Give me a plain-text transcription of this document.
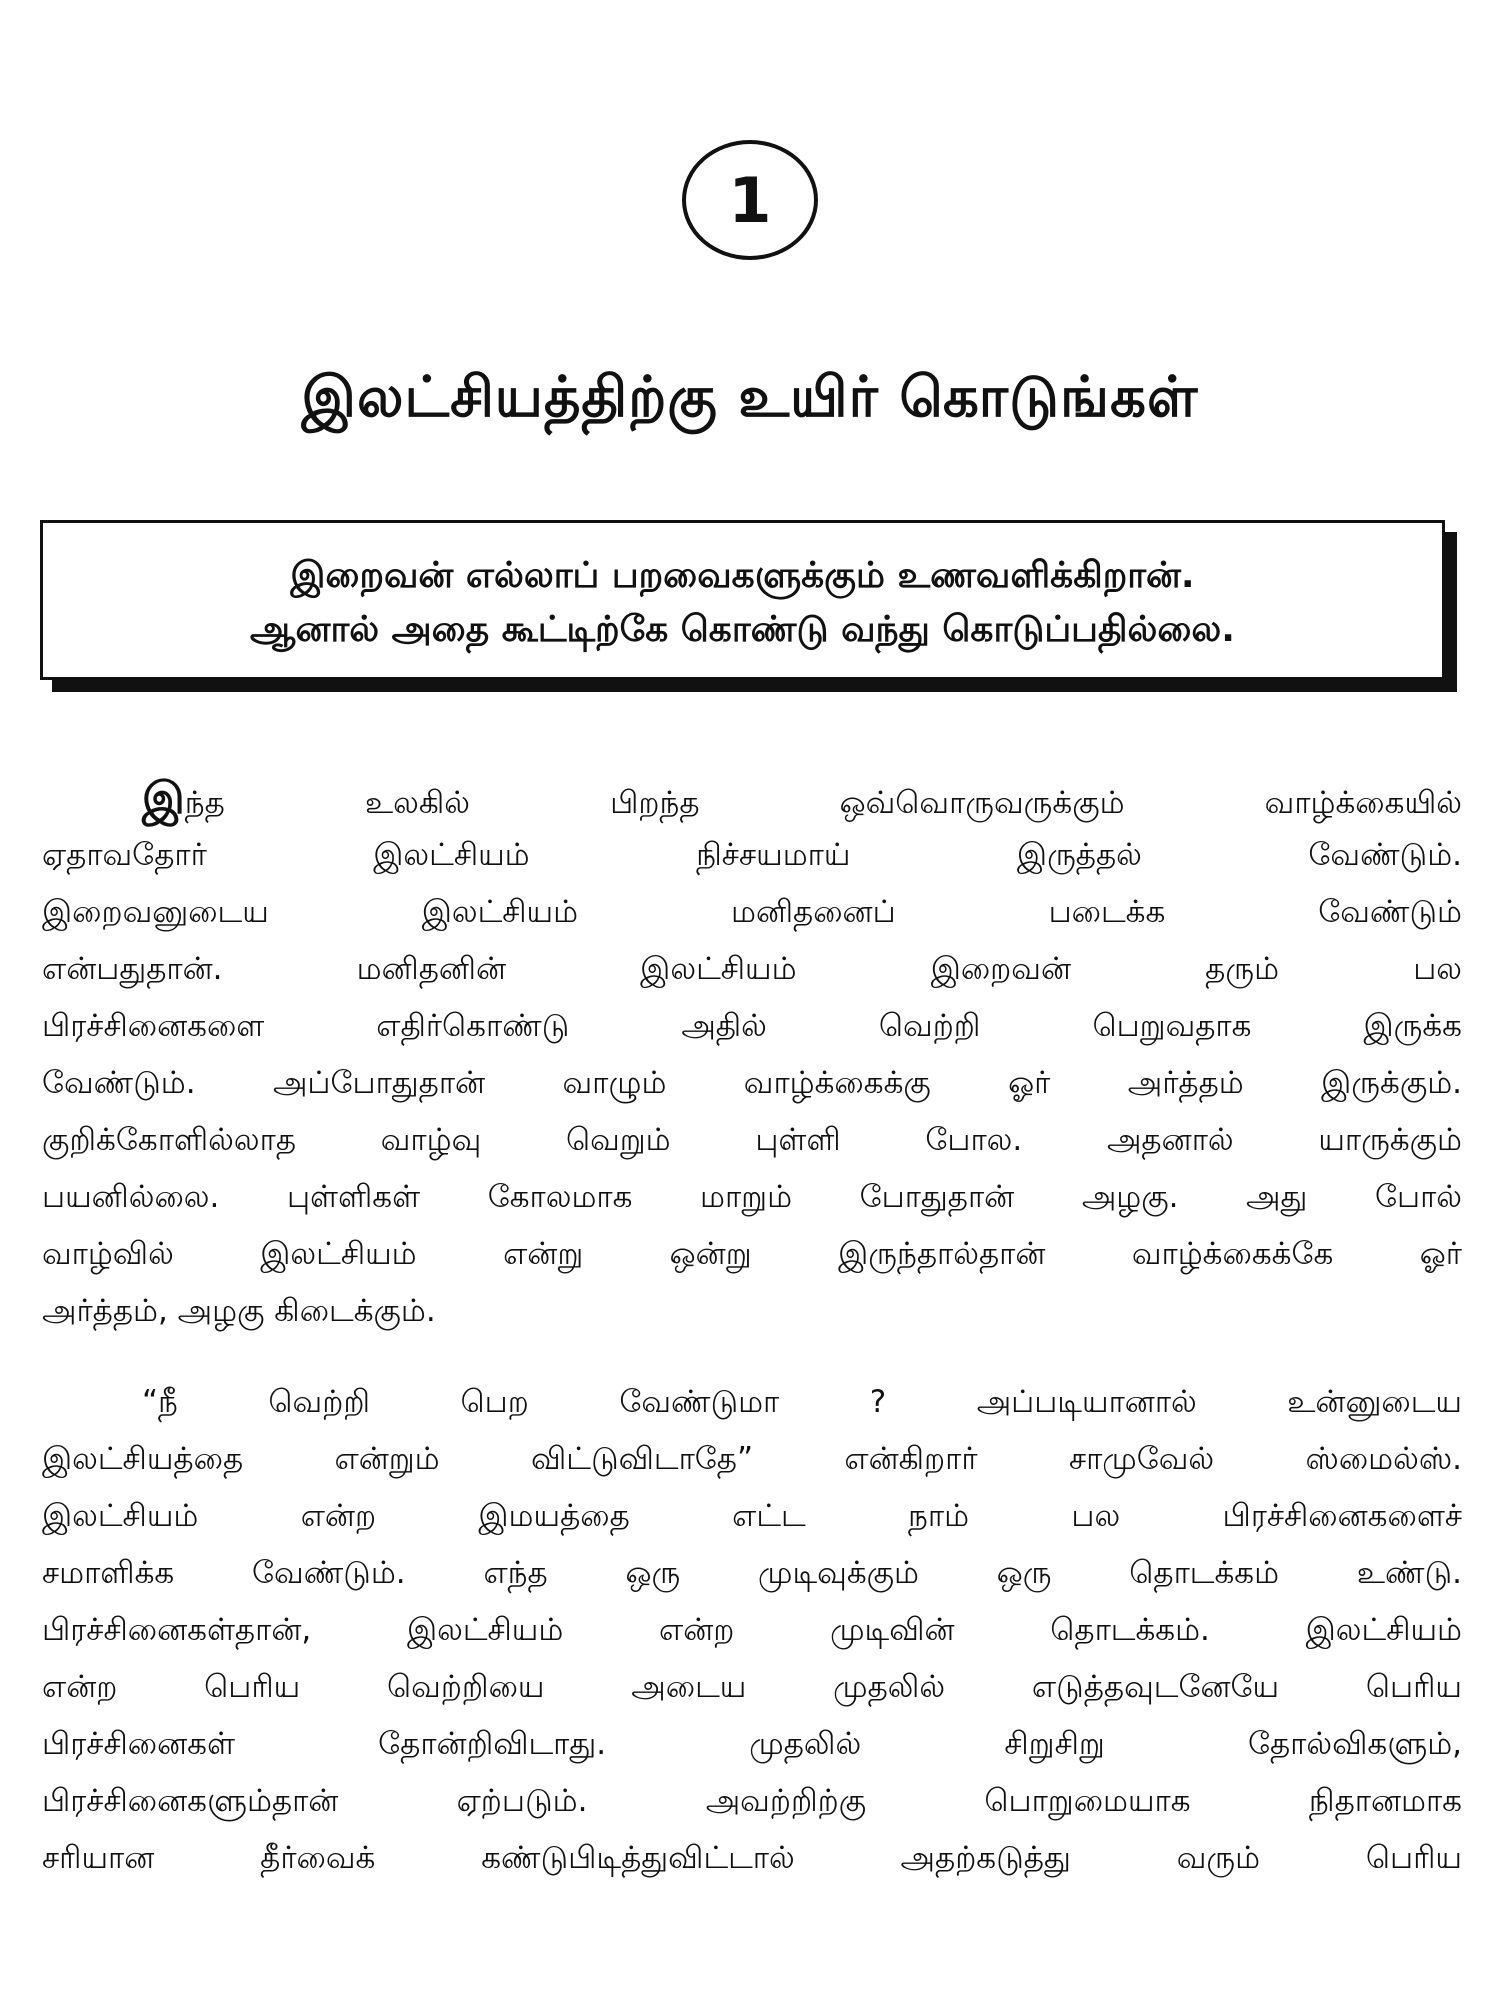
1
இலட்சியத்திற்கு உயிர் கொடுங்கள்
இறைவன் எல்லாப் பறவைகளுக்கும் உணவளிக்கிறான்.
ஆனால் அதை கூட்டிற்கே கொண்டு வந்து கொடுப்பதில்லை.
இந்த உலகில் பிறந்த ஒவ்வொருவருக்கும் வாழ்க்கையில்
ஏதாவதோர் இலட்சியம் நிச்சயமாய் இருத்தல் வேண்டும்.
இறைவனுடைய இலட்சியம் மனிதனைப் படைக்க வேண்டும்
என்பதுதான். மனிதனின் இலட்சியம் இறைவன் தரும் பல
பிரச்சினைகளை எதிர்கொண்டு அதில் வெற்றி பெறுவதாக இருக்க
வேண்டும். அப்போதுதான் வாழும் வாழ்க்கைக்கு ஓர் அர்த்தம் இருக்கும்.
குறிக்கோளில்லாத வாழ்வு வெறும் புள்ளி போல. அதனால் யாருக்கும்
பயனில்லை. புள்ளிகள் கோலமாக மாறும் போதுதான் அழகு. அது போல்
வாழ்வில் இலட்சியம் என்று ஒன்று இருந்தால்தான் வாழ்க்கைக்கே ஓர்
அர்த்தம், அழகு கிடைக்கும்.
“நீ வெற்றி பெற வேண்டுமா ? அப்படியானால் உன்னுடைய
இலட்சியத்தை என்றும் விட்டுவிடாதே” என்கிறார் சாமுவேல் ஸ்மைல்ஸ்.
இலட்சியம் என்ற இமயத்தை எட்ட நாம் பல பிரச்சினைகளைச்
சமாளிக்க வேண்டும். எந்த ஒரு முடிவுக்கும் ஒரு தொடக்கம் உண்டு.
பிரச்சினைகள்தான், இலட்சியம் என்ற முடிவின் தொடக்கம். இலட்சியம்
என்ற பெரிய வெற்றியை அடைய முதலில் எடுத்தவுடனேயே பெரிய
பிரச்சினைகள் தோன்றிவிடாது. முதலில் சிறுசிறு தோல்விகளும்,
பிரச்சினைகளும்தான் ஏற்படும். அவற்றிற்கு பொறுமையாக நிதானமாக
சரியான தீர்வைக் கண்டுபிடித்துவிட்டால் அதற்கடுத்து வரும் பெரிய
